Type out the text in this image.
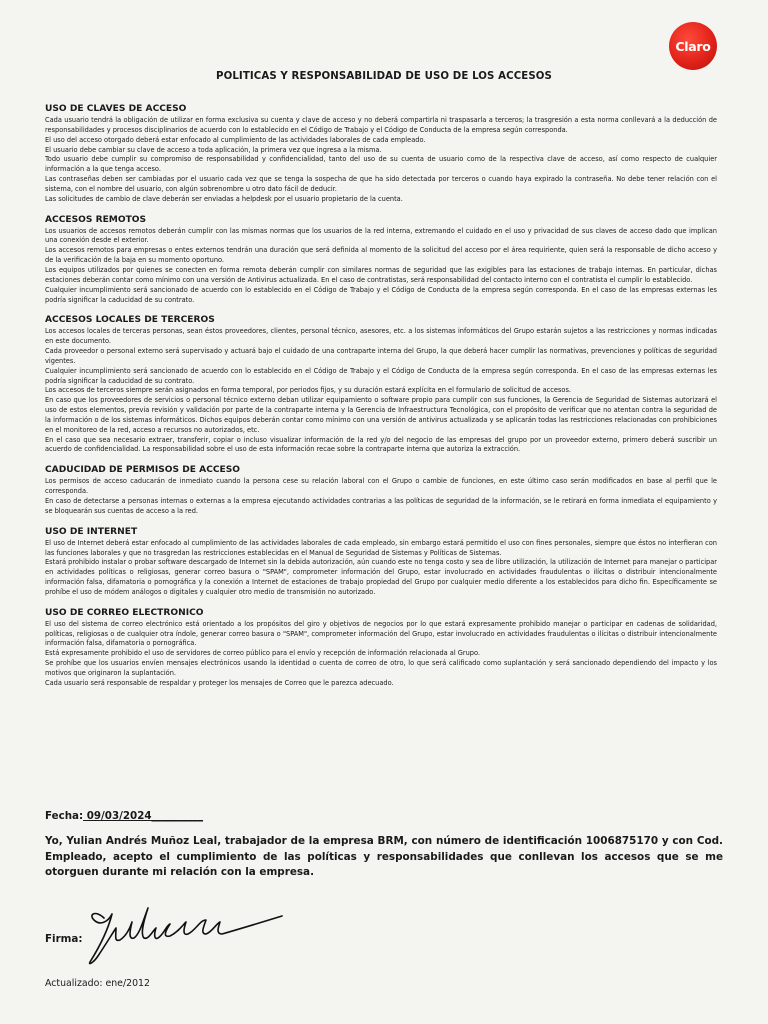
Claro
POLITICAS Y RESPONSABILIDAD DE USO DE LOS ACCESOS
USO DE CLAVES DE ACCESO

Cada usuario tendrá la obligación de utilizar en forma exclusiva su cuenta y clave de acceso y no deberá compartirla ni traspasarla a terceros; la trasgresión a esta norma conllevará a la deducción de responsabilidades y procesos disciplinarios de acuerdo con lo establecido en el Código de Trabajo y el Código de Conducta de la empresa según corresponda.

El uso del acceso otorgado deberá estar enfocado al cumplimiento de las actividades laborales de cada empleado.

El usuario debe cambiar su clave de acceso a toda aplicación, la primera vez que ingresa a la misma.

Todo usuario debe cumplir su compromiso de responsabilidad y confidencialidad, tanto del uso de su cuenta de usuario como de la respectiva clave de acceso, así como respecto de cualquier información a la que tenga acceso.

Las contraseñas deben ser cambiadas por el usuario cada vez que se tenga la sospecha de que ha sido detectada por terceros o cuando haya expirado la contraseña. No debe tener relación con el sistema, con el nombre del usuario, con algún sobrenombre u otro dato fácil de deducir.

Las solicitudes de cambio de clave deberán ser enviadas a helpdesk por el usuario propietario de la cuenta.

ACCESOS REMOTOS

Los usuarios de accesos remotos deberán cumplir con las mismas normas que los usuarios de la red interna, extremando el cuidado en el uso y privacidad de sus claves de acceso dado que implican una conexión desde el exterior.

Los accesos remotos para empresas o entes externos tendrán una duración que será definida al momento de la solicitud del acceso por el área requiriente, quien será la responsable de dicho acceso y de la verificación de la baja en su momento oportuno.

Los equipos utilizados por quienes se conecten en forma remota deberán cumplir con similares normas de seguridad que las exigibles para las estaciones de trabajo internas. En particular, dichas estaciones deberán contar como mínimo con una versión de Antivirus actualizada. En el caso de contratistas, será responsabilidad del contacto interno con el contratista el cumplir lo establecido.

Cualquier incumplimiento será sancionado de acuerdo con lo establecido en el Código de Trabajo y el Código de Conducta de la empresa según corresponda. En el caso de las empresas externas les podría significar la caducidad de su contrato.

ACCESOS LOCALES DE TERCEROS

Los accesos locales de terceras personas, sean éstos proveedores, clientes, personal técnico, asesores, etc. a los sistemas informáticos del Grupo estarán sujetos a las restricciones y normas indicadas en este documento.

Cada proveedor o personal externo será supervisado y actuará bajo el cuidado de una contraparte interna del Grupo, la que deberá hacer cumplir las normativas, prevenciones y políticas de seguridad vigentes.

Cualquier incumplimiento será sancionado de acuerdo con lo establecido en el Código de Trabajo y el Código de Conducta de la empresa según corresponda. En el caso de las empresas externas les podría significar la caducidad de su contrato.

Los accesos de terceros siempre serán asignados en forma temporal, por periodos fijos, y su duración estará explícita en el formulario de solicitud de accesos.

En caso que los proveedores de servicios o personal técnico externo deban utilizar equipamiento o software propio para cumplir con sus funciones, la Gerencia de Seguridad de Sistemas autorizará el uso de estos elementos, previa revisión y validación por parte de la contraparte interna y la Gerencia de Infraestructura Tecnológica, con el propósito de verificar que no atentan contra la seguridad de la información o de los sistemas informáticos. Dichos equipos deberán contar como mínimo con una versión de antivirus actualizada y se aplicarán todas las restricciones relacionadas con prohibiciones en el monitoreo de la red, acceso a recursos no autorizados, etc.

En el caso que sea necesario extraer, transferir, copiar o incluso visualizar información de la red y/o del negocio de las empresas del grupo por un proveedor externo, primero deberá suscribir un acuerdo de confidencialidad. La responsabilidad sobre el uso de esta información recae sobre la contraparte interna que autoriza la extracción.

CADUCIDAD DE PERMISOS DE ACCESO

Los permisos de acceso caducarán de inmediato cuando la persona cese su relación laboral con el Grupo o cambie de funciones, en este último caso serán modificados en base al perfil que le corresponda.

En caso de detectarse a personas internas o externas a la empresa ejecutando actividades contrarias a las políticas de seguridad de la información, se le retirará en forma inmediata el equipamiento y se bloquearán sus cuentas de acceso a la red.

USO DE INTERNET

El uso de Internet deberá estar enfocado al cumplimiento de las actividades laborales de cada empleado, sin embargo estará permitido el uso con fines personales, siempre que éstos no interfieran con las funciones laborales y que no trasgredan las restricciones establecidas en el Manual de Seguridad de Sistemas y Políticas de Sistemas.

Estará prohibido instalar o probar software descargado de Internet sin la debida autorización, aún cuando este no tenga costo y sea de libre utilización, la utilización de Internet para manejar o participar en actividades políticas o religiosas, generar correo basura o "SPAM", comprometer información del Grupo, estar involucrado en actividades fraudulentas o ilícitas o distribuir intencionalmente información falsa, difamatoria o pornográfica y la conexión a Internet de estaciones de trabajo propiedad del Grupo por cualquier medio diferente a los establecidos para dicho fin. Específicamente se prohíbe el uso de módem análogos o digitales y cualquier otro medio de transmisión no autorizado.

USO DE CORREO ELECTRONICO

El uso del sistema de correo electrónico está orientado a los propósitos del giro y objetivos de negocios por lo que estará expresamente prohibido manejar o participar en cadenas de solidaridad, políticas, religiosas o de cualquier otra índole, generar correo basura o "SPAM", comprometer información del Grupo, estar involucrado en actividades fraudulentas o ilícitas o distribuir intencionalmente información falsa, difamatoria o pornográfica.

Está expresamente prohibido el uso de servidores de correo público para el envío y recepción de información relacionada al Grupo.

Se prohíbe que los usuarios envíen mensajes electrónicos usando la identidad o cuenta de correo de otro, lo que será calificado como suplantación y será sancionado dependiendo del impacto y los motivos que originaron la suplantación.

Cada usuario será responsable de respaldar y proteger los mensajes de Correo que le parezca adecuado.

Fecha: 09/03/2024__________
Yo, Yulian Andrés Muñoz Leal, trabajador de la empresa BRM, con número de identificación 1006875170 y con Cod. Empleado, acepto el cumplimiento de las políticas y responsabilidades que conllevan los accesos que se me otorguen durante mi relación con la empresa.
Firma:
Actualizado: ene/2012
